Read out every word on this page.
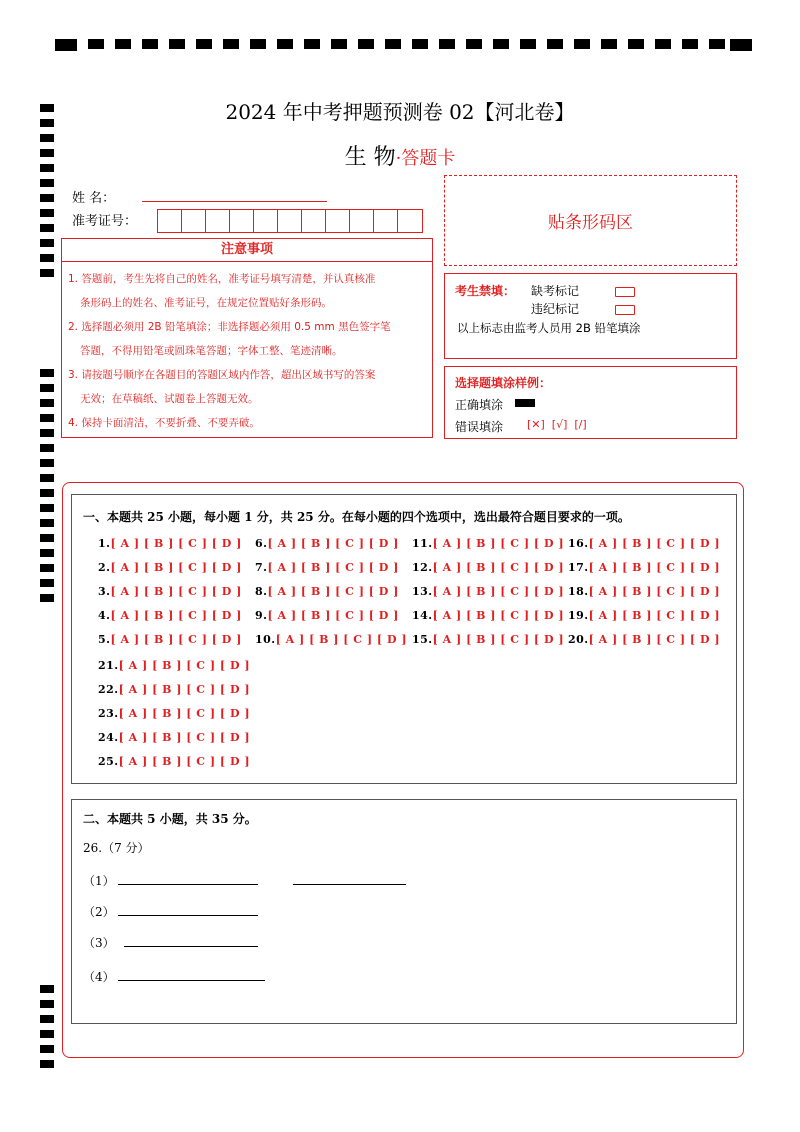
2024 年中考押题预测卷 02【河北卷】
生 物·答题卡
姓 名：
准考证号：	贴条形码区
注意事项
1. 答题前，考生先将自己的姓名，准考证号填写清楚，并认真核准
条形码上的姓名、准考证号，在规定位置贴好条形码。
2. 选择题必须用 2B 铅笔填涂；非选择题必须用 0.5 mm 黑色签字笔
答题，不得用铅笔或圆珠笔答题；字体工整、笔迹清晰。
3. 请按题号顺序在各题目的答题区域内作答，超出区域书写的答案
无效；在草稿纸、试题卷上答题无效。
4. 保持卡面清洁，不要折叠、不要弄破。
考生禁填： 缺考标记
违纪标记
以上标志由监考人员用 2B 铅笔填涂
选择题填涂样例：
正确填涂
错误填涂 [✕]  [√]  [/]
一、本题共 25 小题，每小题 1 分，共 25 分。在每小题的四个选项中，选出最符合题目要求的一项。
1.[ A ] [ B ] [ C ] [ D ]
2.[ A ] [ B ] [ C ] [ D ]
3.[ A ] [ B ] [ C ] [ D ]
4.[ A ] [ B ] [ C ] [ D ]
5.[ A ] [ B ] [ C ] [ D ]
6.[ A ] [ B ] [ C ] [ D ]
7.[ A ] [ B ] [ C ] [ D ]
8.[ A ] [ B ] [ C ] [ D ]
9.[ A ] [ B ] [ C ] [ D ]
10.[ A ] [ B ] [ C ] [ D ]
11.[ A ] [ B ] [ C ] [ D ]
12.[ A ] [ B ] [ C ] [ D ]
13.[ A ] [ B ] [ C ] [ D ]
14.[ A ] [ B ] [ C ] [ D ]
15.[ A ] [ B ] [ C ] [ D ]
16.[ A ] [ B ] [ C ] [ D ]
17.[ A ] [ B ] [ C ] [ D ]
18.[ A ] [ B ] [ C ] [ D ]
19.[ A ] [ B ] [ C ] [ D ]
20.[ A ] [ B ] [ C ] [ D ]
21.[ A ] [ B ] [ C ] [ D ]
22.[ A ] [ B ] [ C ] [ D ]
23.[ A ] [ B ] [ C ] [ D ]
24.[ A ] [ B ] [ C ] [ D ]
25.[ A ] [ B ] [ C ] [ D ]
二、本题共 5 小题，共 35 分。
26.（7 分）
（1）
（2）
（3）
（4）
